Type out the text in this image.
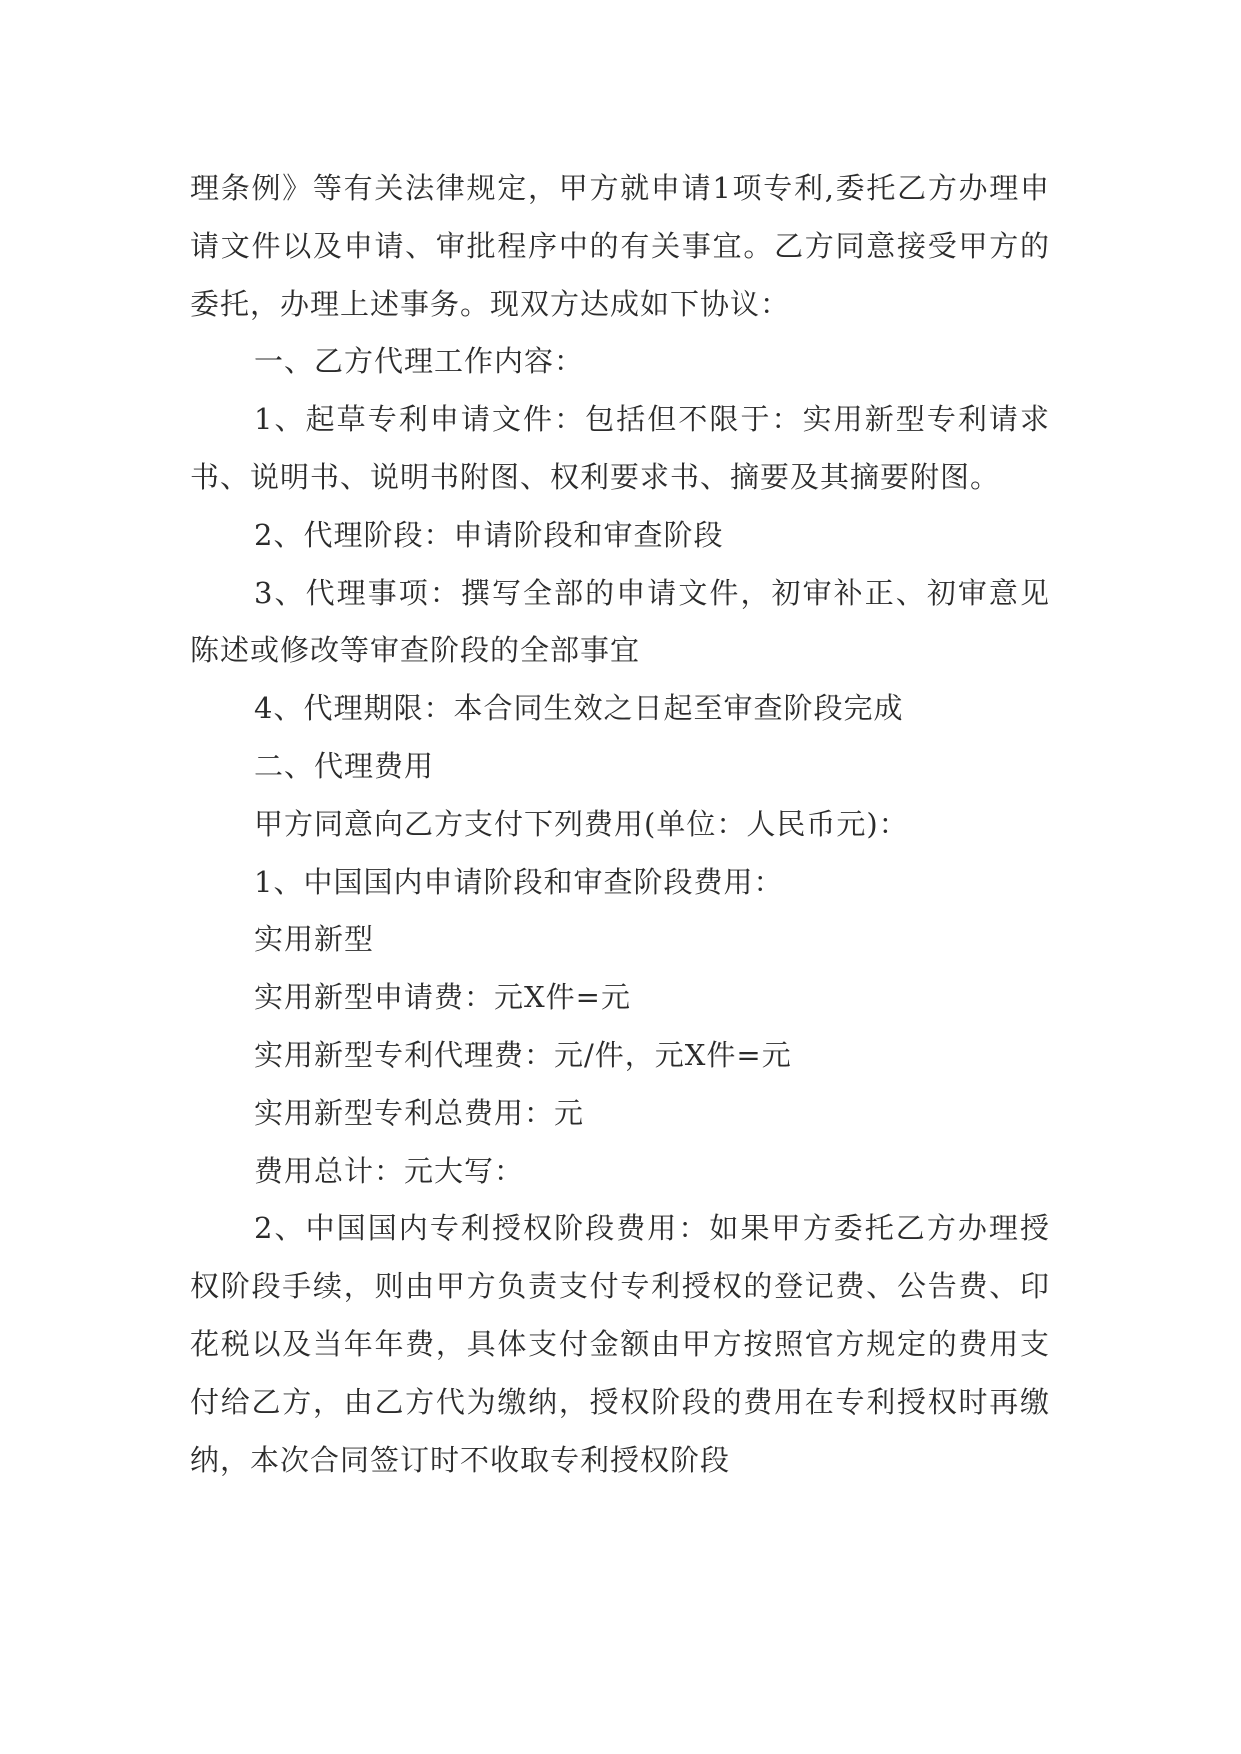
理条例》等有关法律规定，甲方就申请1项专利,委托乙方办理申请文件以及申请、审批程序中的有关事宜。乙方同意接受甲方的委托，办理上述事务。现双方达成如下协议：

一、乙方代理工作内容：

1、起草专利申请文件：包括但不限于：实用新型专利请求书、说明书、说明书附图、权利要求书、摘要及其摘要附图。

2、代理阶段：申请阶段和审查阶段

3、代理事项：撰写全部的申请文件，初审补正、初审意见陈述或修改等审查阶段的全部事宜

4、代理期限：本合同生效之日起至审查阶段完成

二、代理费用

甲方同意向乙方支付下列费用(单位：人民币元)：

1、中国国内申请阶段和审查阶段费用：

实用新型

实用新型申请费：元X件=元

实用新型专利代理费：元/件，元X件=元

实用新型专利总费用：元

费用总计：元大写：

2、中国国内专利授权阶段费用：如果甲方委托乙方办理授权阶段手续，则由甲方负责支付专利授权的登记费、公告费、印花税以及当年年费，具体支付金额由甲方按照官方规定的费用支付给乙方，由乙方代为缴纳，授权阶段的费用在专利授权时再缴纳，本次合同签订时不收取专利授权阶段
